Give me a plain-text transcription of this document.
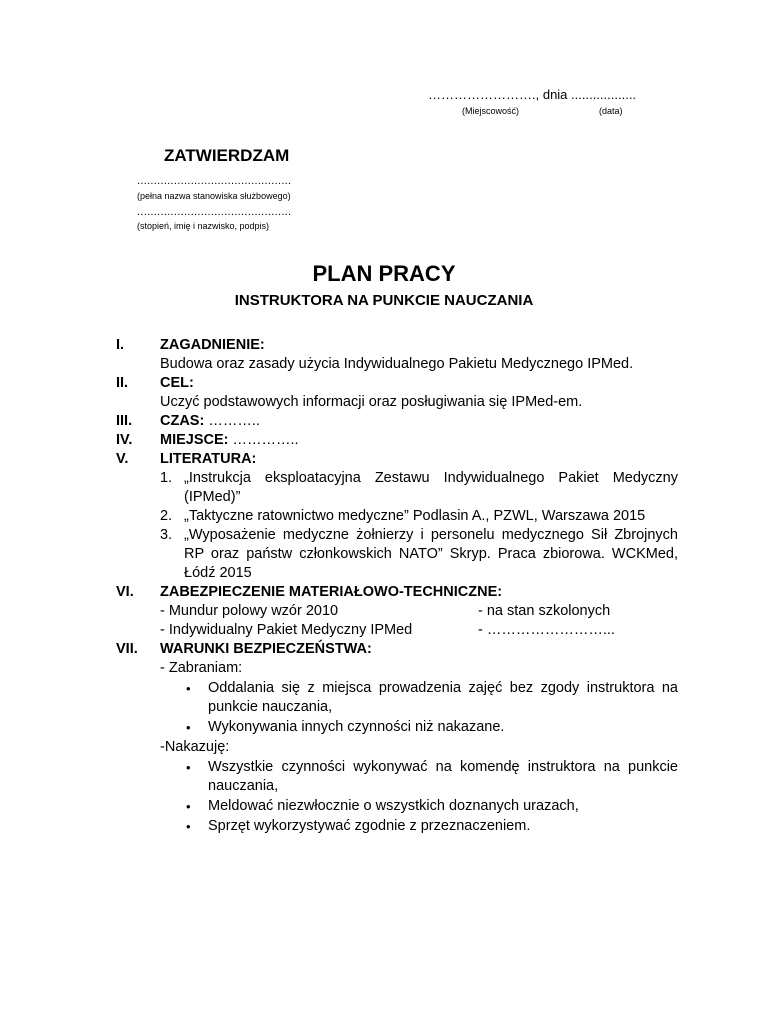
……………………., dnia ..................
(Miejscowość)	(data)
ZATWIERDZAM
..............................................
(pełna nazwa stanowiska służbowego)
..............................................
(stopień, imię i nazwisko, podpis)
PLAN PRACY
INSTRUKTORA NA PUNKCIE NAUCZANIA
I.	ZAGADNIENIE:
Budowa oraz zasady użycia Indywidualnego Pakietu Medycznego IPMed.
II.	CEL:
Uczyć podstawowych informacji oraz posługiwania się IPMed-em.
III.	CZAS: ………..
IV.	MIEJSCE: …………..
V.	LITERATURA:
1. „Instrukcja eksploatacyjna Zestawu Indywidualnego Pakiet Medyczny (IPMed)”
2. „Taktyczne ratownictwo medyczne” Podlasin A., PZWL, Warszawa 2015
3. „Wyposażenie medyczne żołnierzy i personelu medycznego Sił Zbrojnych RP oraz państw członkowskich NATO” Skryp. Praca zbiorowa. WCKMed, Łódź 2015
VI.	ZABEZPIECZENIE MATERIAŁOWO-TECHNICZNE:
- Mundur polowy wzór 2010	- na stan szkolonych
- Indywidualny Pakiet Medyczny IPMed	- ……………………...
VII.	WARUNKI BEZPIECZEŃSTWA:
- Zabraniam:
•	Oddalania się z miejsca prowadzenia zajęć bez zgody instruktora na punkcie nauczania,
•	Wykonywania innych czynności niż nakazane.
-Nakazuję:
•	Wszystkie czynności wykonywać na komendę instruktora na punkcie nauczania,
•	Meldować niezwłocznie o wszystkich doznanych urazach,
•	Sprzęt wykorzystywać zgodnie z przeznaczeniem.
